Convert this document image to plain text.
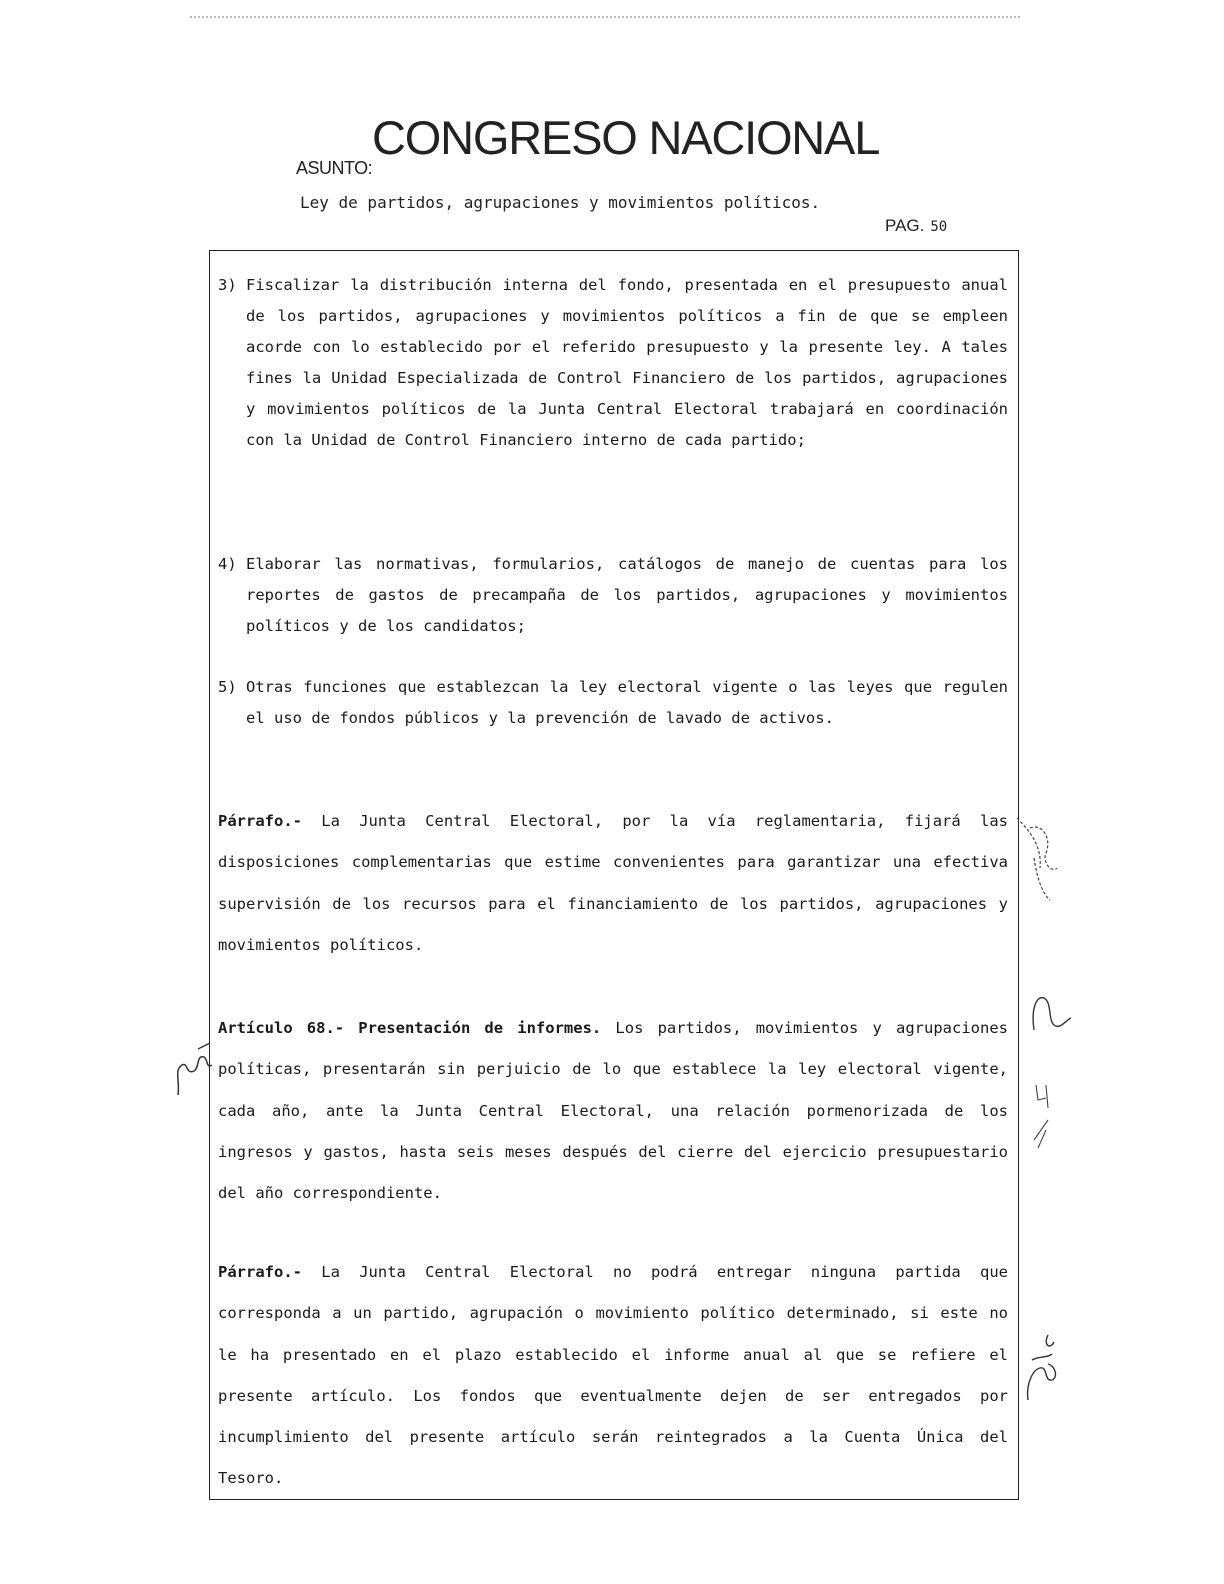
ASUNTO:
CONGRESO NACIONAL
Ley de partidos, agrupaciones y movimientos políticos.
PAG. 50
3) Fiscalizar la distribución interna del fondo, presentada en el presupuesto anual de los partidos, agrupaciones y movimientos políticos a fin de que se empleen acorde con lo establecido por el referido presupuesto y la presente ley. A tales fines la Unidad Especializada de Control Financiero de los partidos, agrupaciones y movimientos políticos de la Junta Central Electoral trabajará en coordinación con la Unidad de Control Financiero interno de cada partido;
4) Elaborar las normativas, formularios, catálogos de manejo de cuentas para los reportes de gastos de precampaña de los partidos, agrupaciones y movimientos políticos y de los candidatos;
5) Otras funciones que establezcan la ley electoral vigente o las leyes que regulen el uso de fondos públicos y la prevención de lavado de activos.
Párrafo.- La Junta Central Electoral, por la vía reglamentaria, fijará las disposiciones complementarias que estime convenientes para garantizar una efectiva supervisión de los recursos para el financiamiento de los partidos, agrupaciones y movimientos políticos.
Artículo 68.- Presentación de informes. Los partidos, movimientos y agrupaciones políticas, presentarán sin perjuicio de lo que establece la ley electoral vigente, cada año, ante la Junta Central Electoral, una relación pormenorizada de los ingresos y gastos, hasta seis meses después del cierre del ejercicio presupuestario del año correspondiente.
Párrafo.- La Junta Central Electoral no podrá entregar ninguna partida que corresponda a un partido, agrupación o movimiento político determinado, si este no le ha presentado en el plazo establecido el informe anual al que se refiere el presente artículo. Los fondos que eventualmente dejen de ser entregados por incumplimiento del presente artículo serán reintegrados a la Cuenta Única del Tesoro.
